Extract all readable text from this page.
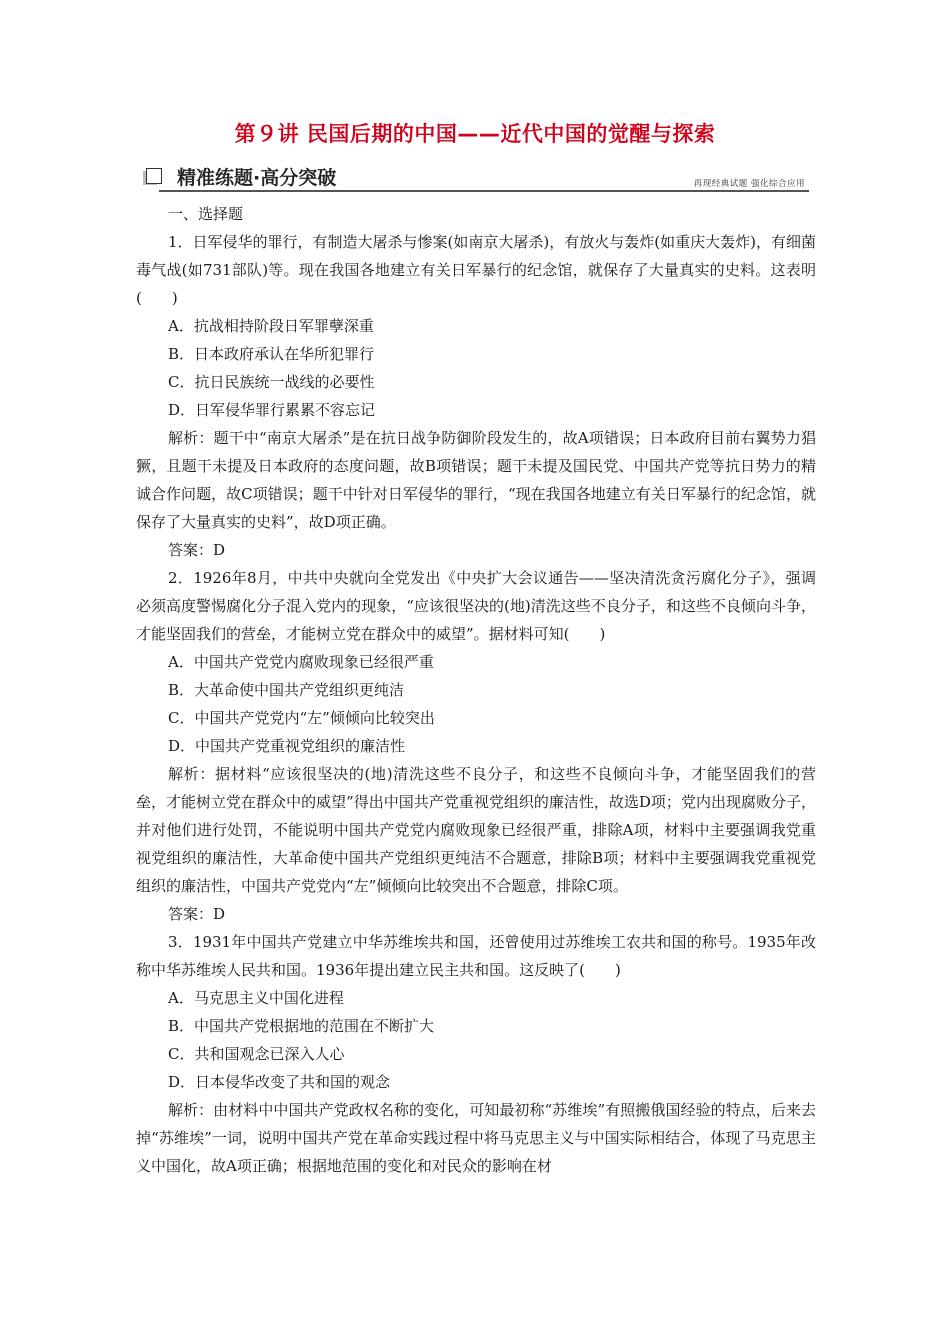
第９讲 民国后期的中国——近代中国的觉醒与探索
精准练题·高分突破	再现经典试题 强化综合应用

一、选择题

1．日军侵华的罪行，有制造大屠杀与惨案(如南京大屠杀)，有放火与轰炸(如重庆大轰炸)，有细菌毒气战(如731部队)等。现在我国各地建立有关日军暴行的纪念馆，就保存了大量真实的史料。这表明(　　)

A．抗战相持阶段日军罪孽深重

B．日本政府承认在华所犯罪行

C．抗日民族统一战线的必要性

D．日军侵华罪行累累不容忘记

解析：题干中“南京大屠杀”是在抗日战争防御阶段发生的，故A项错误；日本政府目前右翼势力猖獗，且题干未提及日本政府的态度问题，故B项错误；题干未提及国民党、中国共产党等抗日势力的精诚合作问题，故C项错误；题干中针对日军侵华的罪行，“现在我国各地建立有关日军暴行的纪念馆，就保存了大量真实的史料”，故D项正确。

答案：D

2．1926年8月，中共中央就向全党发出《中央扩大会议通告——坚决清洗贪污腐化分子》，强调必须高度警惕腐化分子混入党内的现象，“应该很坚决的(地)清洗这些不良分子，和这些不良倾向斗争，才能坚固我们的营垒，才能树立党在群众中的威望”。据材料可知(　　)

A．中国共产党党内腐败现象已经很严重

B．大革命使中国共产党组织更纯洁

C．中国共产党党内“左”倾倾向比较突出

D．中国共产党重视党组织的廉洁性

解析：据材料“应该很坚决的(地)清洗这些不良分子，和这些不良倾向斗争，才能坚固我们的营垒，才能树立党在群众中的威望”得出中国共产党重视党组织的廉洁性，故选D项；党内出现腐败分子，并对他们进行处罚，不能说明中国共产党党内腐败现象已经很严重，排除A项，材料中主要强调我党重视党组织的廉洁性，大革命使中国共产党组织更纯洁不合题意，排除B项；材料中主要强调我党重视党组织的廉洁性，中国共产党党内“左”倾倾向比较突出不合题意，排除C项。

答案：D

3．1931年中国共产党建立中华苏维埃共和国，还曾使用过苏维埃工农共和国的称号。1935年改称中华苏维埃人民共和国。1936年提出建立民主共和国。这反映了(　　)

A．马克思主义中国化进程

B．中国共产党根据地的范围在不断扩大

C．共和国观念已深入人心

D．日本侵华改变了共和国的观念

解析：由材料中中国共产党政权名称的变化，可知最初称“苏维埃”有照搬俄国经验的特点，后来去掉“苏维埃”一词，说明中国共产党在革命实践过程中将马克思主义与中国实际相结合，体现了马克思主义中国化，故A项正确；根据地范围的变化和对民众的影响在材
